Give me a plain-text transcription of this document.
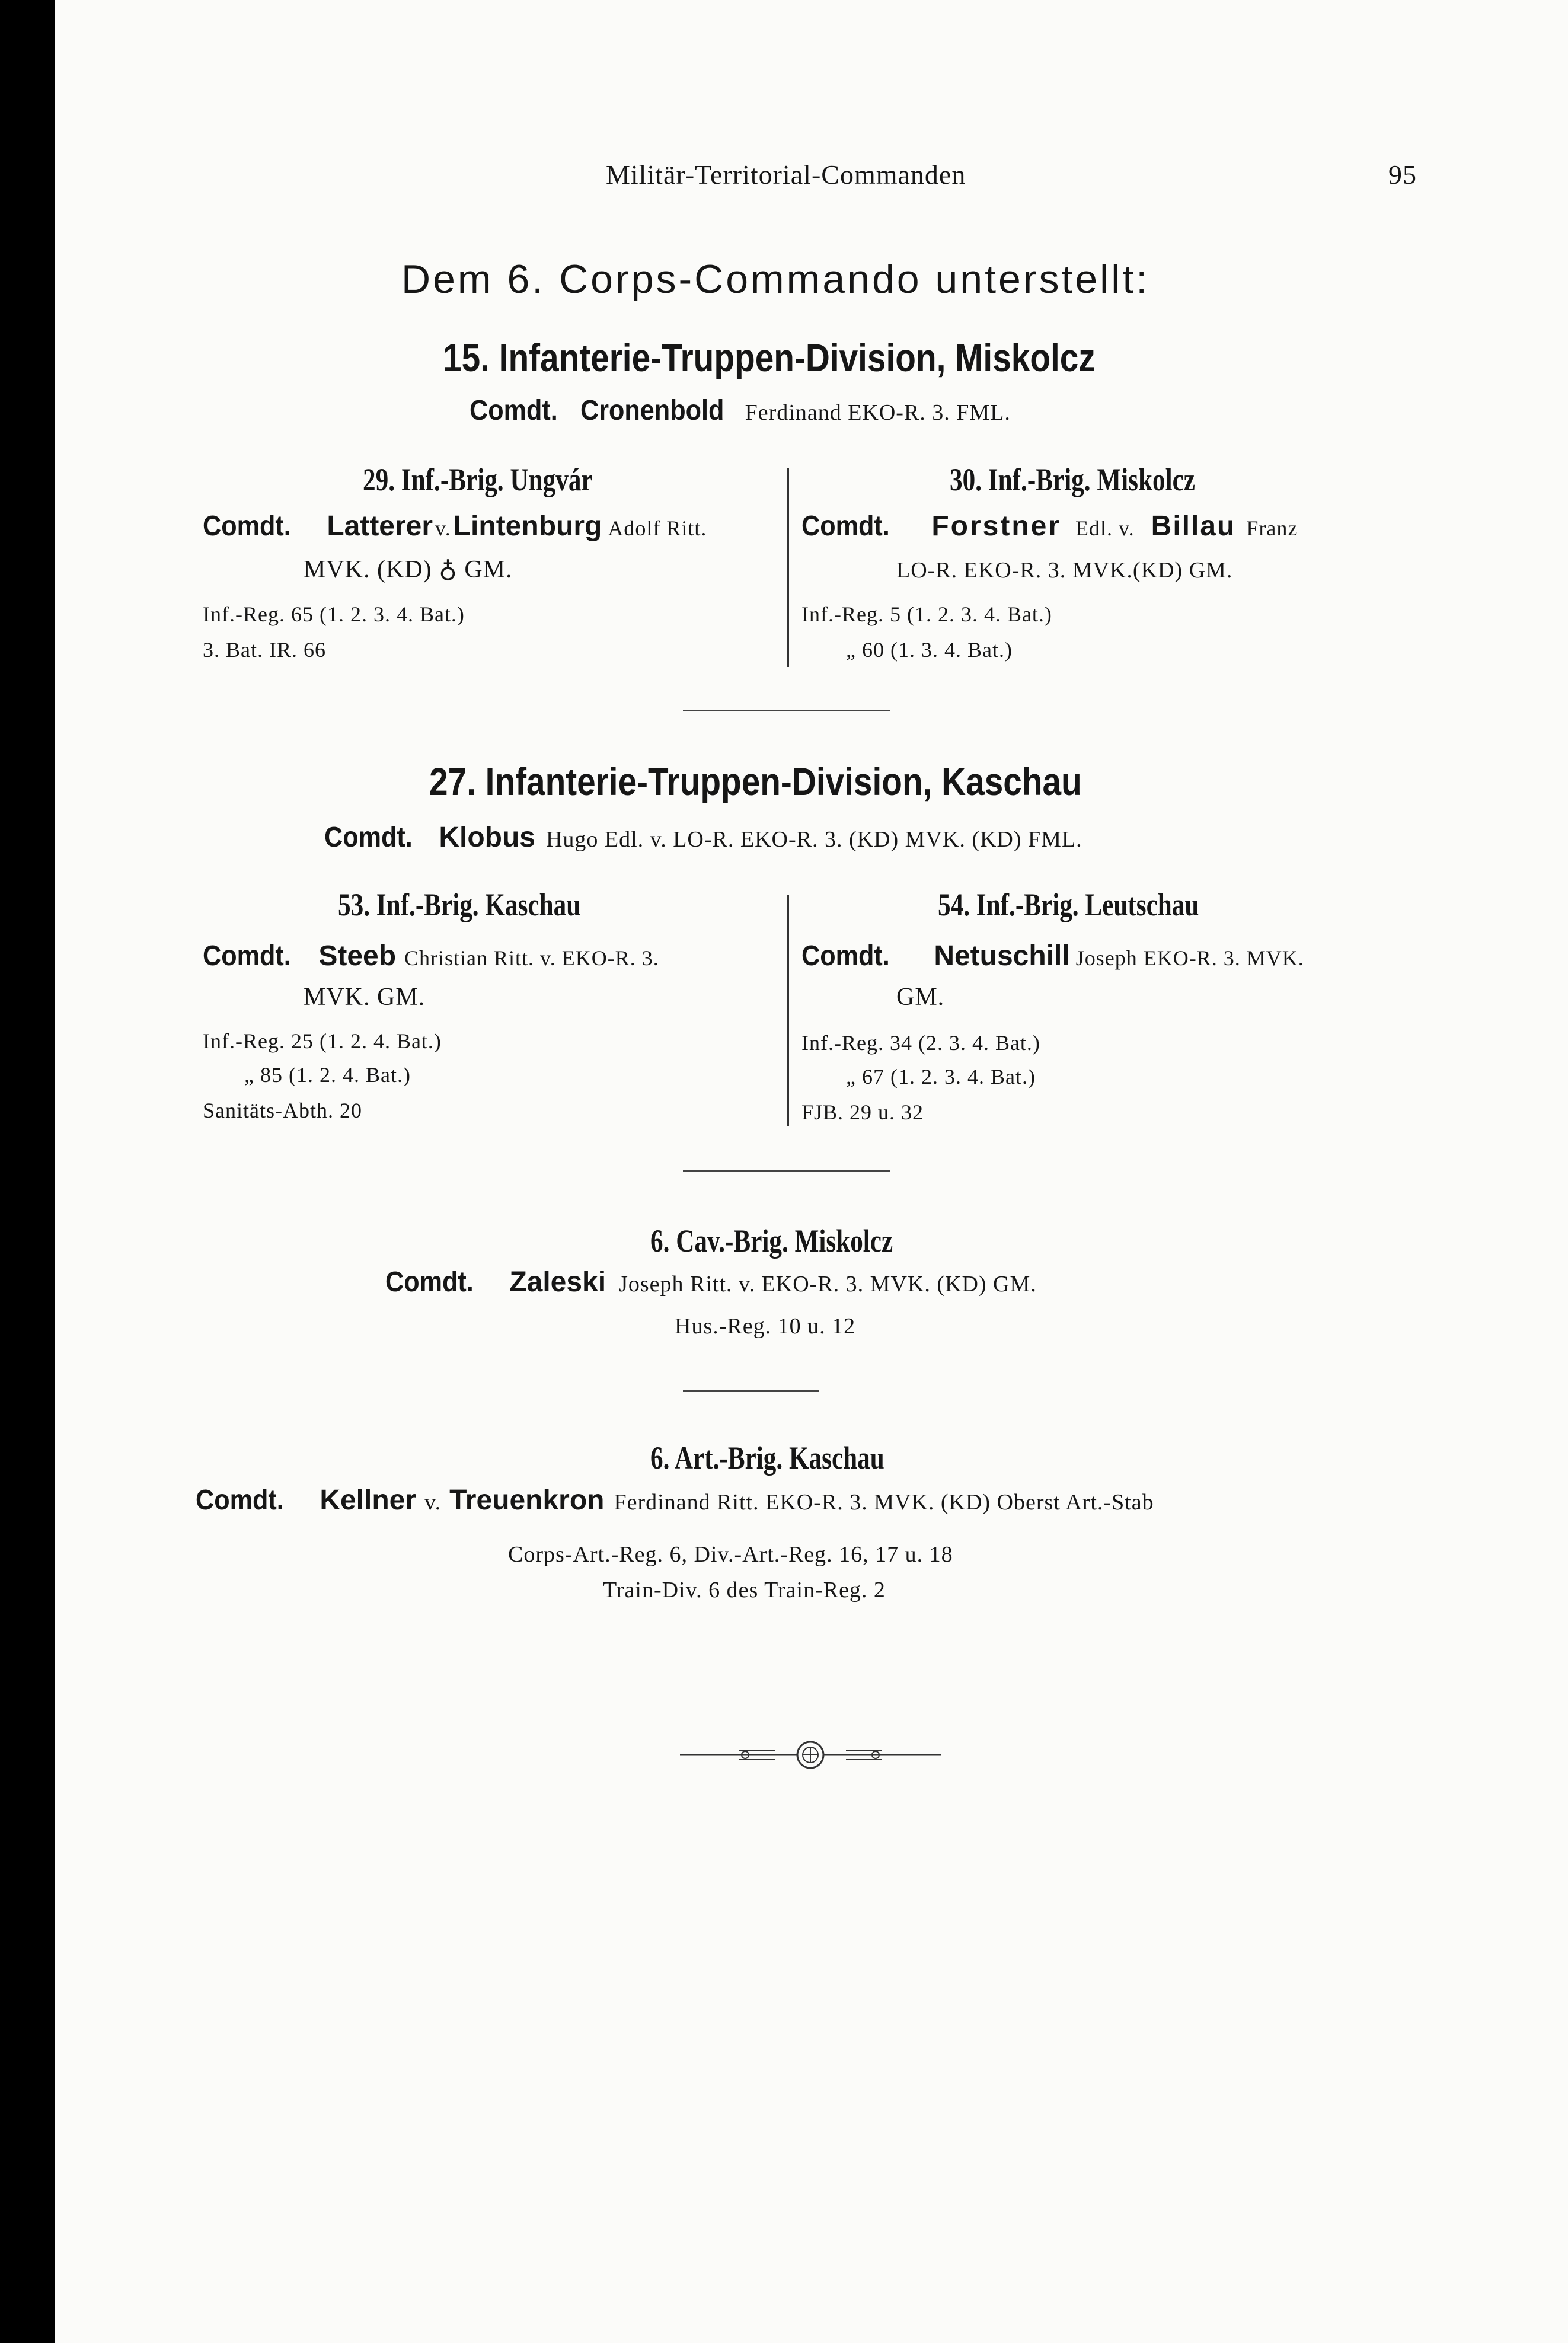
Militär-Territorial-Commanden	95
Dem 6. Corps-Commando unterstellt:
15. Infanterie-Truppen-Division, Miskolcz
Comdt. Cronenbold Ferdinand EKO-R. 3. FML.
29. Inf.-Brig. Ungvár
Comdt. Latterer v. Lintenburg Adolf Ritt.
MVK. (KD) ♁ GM.
Inf.-Reg. 65 (1. 2. 3. 4. Bat.)
3. Bat. IR. 66
30. Inf.-Brig. Miskolcz
Comdt. Forstner Edl. v. Billau Franz
LO-R. EKO-R. 3. MVK.(KD) GM.
Inf.-Reg. 5 (1. 2. 3. 4. Bat.)
„ 60 (1. 3. 4. Bat.)
27. Infanterie-Truppen-Division, Kaschau
Comdt. Klobus Hugo Edl. v. LO-R. EKO-R. 3. (KD) MVK. (KD) FML.
53. Inf.-Brig. Kaschau
Comdt. Steeb Christian Ritt. v. EKO-R. 3.
MVK. GM.
Inf.-Reg. 25 (1. 2. 4. Bat.)
„ 85 (1. 2. 4. Bat.)
Sanitäts-Abth. 20
54. Inf.-Brig. Leutschau
Comdt. Netuschill Joseph EKO-R. 3. MVK.
GM.
Inf.-Reg. 34 (2. 3. 4. Bat.)
„ 67 (1. 2. 3. 4. Bat.)
FJB. 29 u. 32
6. Cav.-Brig. Miskolcz
Comdt. Zaleski Joseph Ritt. v. EKO-R. 3. MVK. (KD) GM.
Hus.-Reg. 10 u. 12
6. Art.-Brig. Kaschau
Comdt. Kellner v. Treuenkron Ferdinand Ritt. EKO-R. 3. MVK. (KD) Oberst Art.-Stab
Corps-Art.-Reg. 6, Div.-Art.-Reg. 16, 17 u. 18
Train-Div. 6 des Train-Reg. 2
